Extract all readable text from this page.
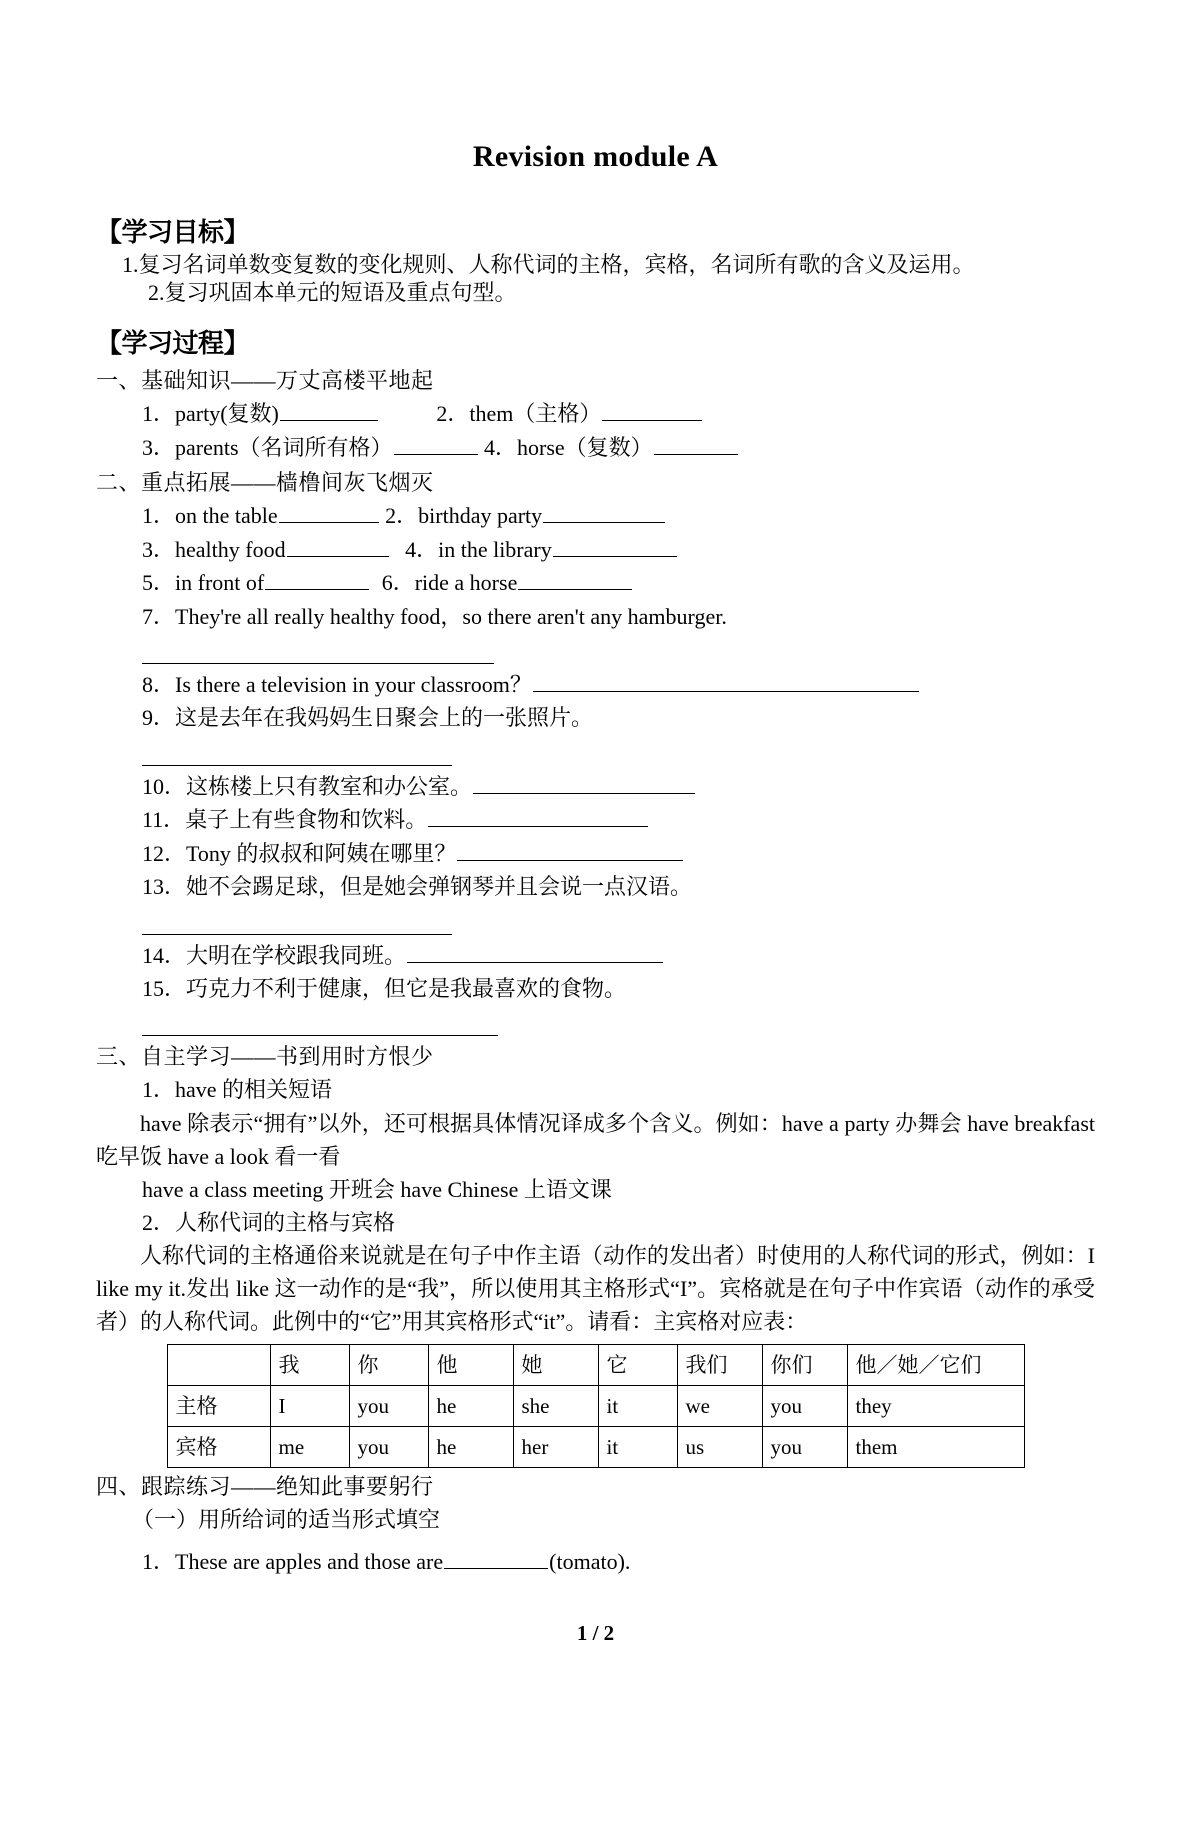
Revision module A
【学习目标】
1.复习名词单数变复数的变化规则、人称代词的主格，宾格，名词所有歌的含义及运用。
2.复习巩固本单元的短语及重点句型。
【学习过程】
一、基础知识——万丈高楼平地起
1．party(复数)	2．them（主格）
3．parents（名词所有格）	4．horse（复数）
二、重点拓展——樯橹间灰飞烟灭
1．on the table	2．birthday party
3．healthy food	4．in the library
5．in front of	6．ride a horse
7．They're all really healthy food，so there aren't any hamburger.
8．Is there a television in your classroom？
9．这是去年在我妈妈生日聚会上的一张照片。
10．这栋楼上只有教室和办公室。
11．桌子上有些食物和饮料。
12．Tony 的叔叔和阿姨在哪里？
13．她不会踢足球，但是她会弹钢琴并且会说一点汉语。
14．大明在学校跟我同班。
15．巧克力不利于健康，但它是我最喜欢的食物。
三、自主学习——书到用时方恨少
1．have 的相关短语
have 除表示“拥有”以外，还可根据具体情况译成多个含义。例如：have a party 办舞会 have breakfast 吃早饭 have a look 看一看
have a class meeting 开班会 have Chinese 上语文课
2．人称代词的主格与宾格
人称代词的主格通俗来说就是在句子中作主语（动作的发出者）时使用的人称代词的形式，例如：I like my it.发出 like 这一动作的是“我”，所以使用其主格形式“I”。宾格就是在句子中作宾语（动作的承受者）的人称代词。此例中的“它”用其宾格形式“it”。请看：主宾格对应表：
	我	你	他	她	它	我们	你们	他／她／它们
主格	I	you	he	she	it	we	you	they
宾格	me	you	he	her	it	us	you	them
四、跟踪练习——绝知此事要躬行
（一）用所给词的适当形式填空
1．These are apples and those are	(tomato).
1 / 2
